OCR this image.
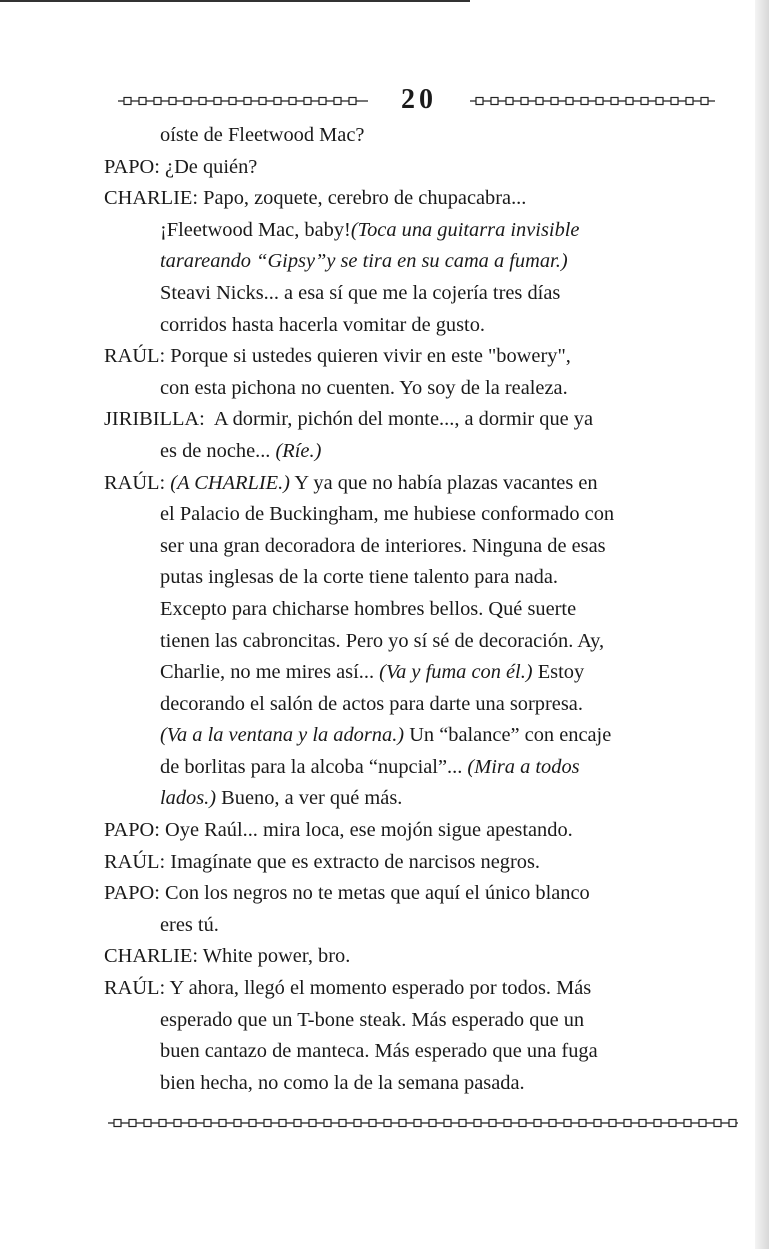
20
oíste de Fleetwood Mac?
PAPO: ¿De quién?
CHARLIE: Papo, zoquete, cerebro de chupacabra...
¡Fleetwood Mac, baby!(Toca una guitarra invisible
tarareando “Gipsy”y se tira en su cama a fumar.)
Steavi Nicks... a esa sí que me la cojería tres días
corridos hasta hacerla vomitar de gusto.
RAÚL: Porque si ustedes quieren vivir en este "bowery",
con esta pichona no cuenten. Yo soy de la realeza.
JIRIBILLA:  A dormir, pichón del monte..., a dormir que ya
es de noche... (Ríe.)
RAÚL: (A CHARLIE.) Y ya que no había plazas vacantes en
el Palacio de Buckingham, me hubiese conformado con
ser una gran decoradora de interiores. Ninguna de esas
putas inglesas de la corte tiene talento para nada.
Excepto para chicharse hombres bellos. Qué suerte
tienen las cabroncitas. Pero yo sí sé de decoración. Ay,
Charlie, no me mires así... (Va y fuma con él.) Estoy
decorando el salón de actos para darte una sorpresa.
(Va a la ventana y la adorna.) Un “balance” con encaje
de borlitas para la alcoba “nupcial”... (Mira a todos
lados.) Bueno, a ver qué más.
PAPO: Oye Raúl... mira loca, ese mojón sigue apestando.
RAÚL: Imagínate que es extracto de narcisos negros.
PAPO: Con los negros no te metas que aquí el único blanco
eres tú.
CHARLIE: White power, bro.
RAÚL: Y ahora, llegó el momento esperado por todos. Más
esperado que un T-bone steak. Más esperado que un
buen cantazo de manteca. Más esperado que una fuga
bien hecha, no como la de la semana pasada.
